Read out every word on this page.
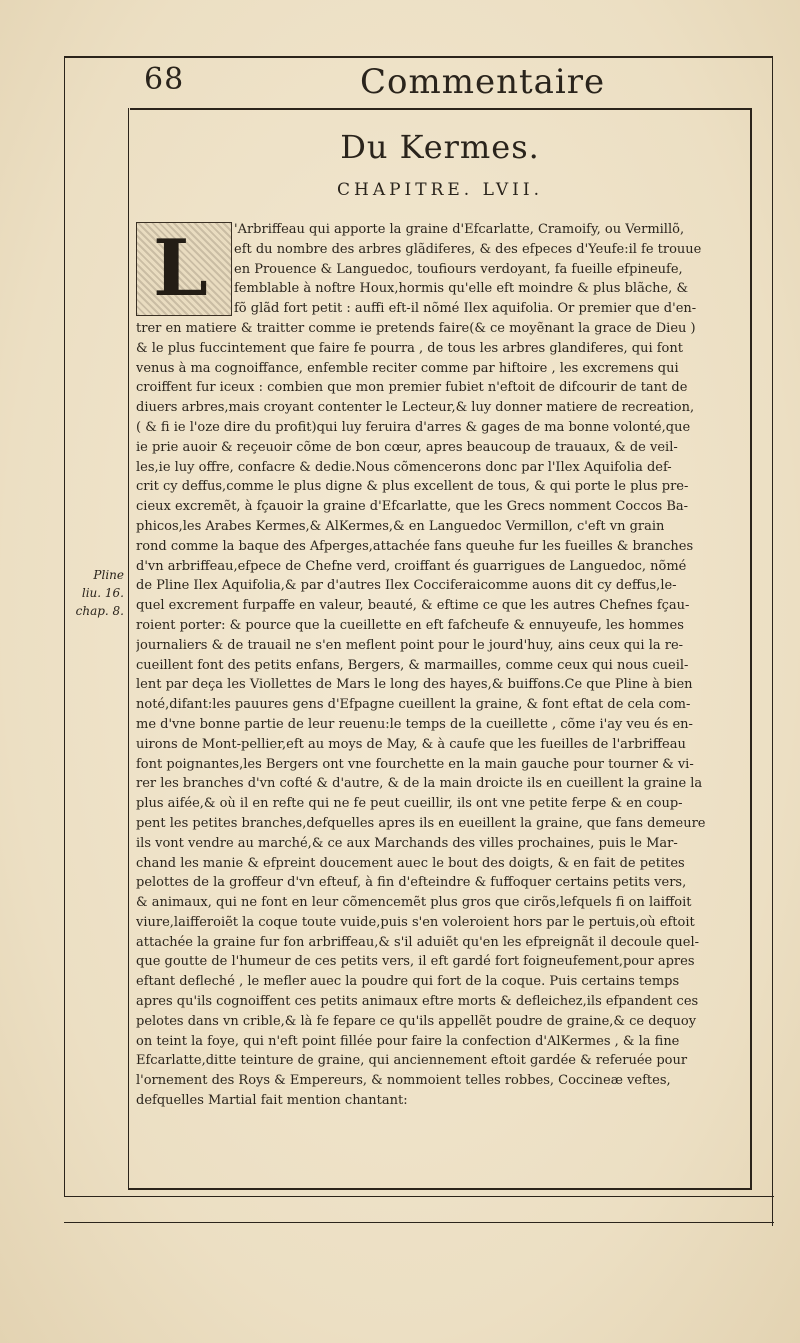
68	Commentaire
Du Kermes.
CHAPITRE. LVII.
L
Pline
liu. 16.
chap. 8.
'Arbriffeau qui apporte la graine d'Efcarlatte, Cramoify, ou Vermillõ,
eft du nombre des arbres glãdiferes, & des efpeces d'Yeufe:il fe trouue
en Prouence & Languedoc, toufiours verdoyant, fa fueille efpineufe,
femblable à noftre Houx,hormis qu'elle eft moindre & plus blãche, &
fõ glãd fort petit : auffi eft-il nõmé Ilex aquifolia. Or premier que d'en-
trer en matiere & traitter comme ie pretends faire(& ce moyẽnant la grace de Dieu )
& le plus fuccintement que faire fe pourra , de tous les arbres glandiferes, qui font
venus à ma cognoiffance, enfemble reciter comme par hiftoire , les excremens qui
croiffent fur iceux : combien que mon premier fubiet n'eftoit de difcourir de tant de
diuers arbres,mais croyant contenter le Lecteur,& luy donner matiere de recreation,
( & fi ie l'oze dire du profit)qui luy feruira d'arres & gages de ma bonne volonté,que
ie prie auoir & reçeuoir cõme de bon cœur, apres beaucoup de trauaux, & de veil-
les,ie luy offre, confacre & dedie.Nous cõmencerons donc par l'Ilex Aquifolia def-
crit cy deffus,comme le plus digne & plus excellent de tous, & qui porte le plus pre-
cieux excremẽt, à fçauoir la graine d'Efcarlatte, que les Grecs nomment Coccos Ba-
phicos,les Arabes Kermes,& AlKermes,& en Languedoc Vermillon, c'eft vn grain
rond comme la baque des Afperges,attachée fans queuhe fur les fueilles & branches
d'vn arbriffeau,efpece de Chefne verd, croiffant és guarrigues de Languedoc, nõmé
de Pline Ilex Aquifolia,& par d'autres Ilex Cocciferaicomme auons dit cy deffus,le-
quel excrement furpaffe en valeur, beauté, & eftime ce que les autres Chefnes fçau-
roient porter: & pource que la cueillette en eft fafcheufe & ennuyeufe, les hommes
journaliers & de trauail ne s'en meflent point pour le jourd'huy, ains ceux qui la re-
cueillent font des petits enfans, Bergers, & marmailles, comme ceux qui nous cueil-
lent par deça les Viollettes de Mars le long des hayes,& buiffons.Ce que Pline à bien
noté,difant:les pauures gens d'Efpagne cueillent la graine, & font eftat de cela com-
me d'vne bonne partie de leur reuenu:le temps de la cueillette , cõme i'ay veu és en-
uirons de Mont-pellier,eft au moys de May, & à caufe que les fueilles de l'arbriffeau
font poignantes,les Bergers ont vne fourchette en la main gauche pour tourner & vi-
rer les branches d'vn cofté & d'autre, & de la main droicte ils en cueillent la graine la
plus aifée,& où il en refte qui ne fe peut cueillir, ils ont vne petite ferpe & en coup-
pent les petites branches,defquelles apres ils en eueillent la graine, que fans demeure
ils vont vendre au marché,& ce aux Marchands des villes prochaines, puis le Mar-
chand les manie & efpreint doucement auec le bout des doigts, & en fait de petites
pelottes de la groffeur d'vn efteuf, à fin d'efteindre & fuffoquer certains petits vers,
& animaux, qui ne font en leur cõmencemẽt plus gros que cirõs,lefquels fi on laiffoit
viure,laifferoiẽt la coque toute vuide,puis s'en voleroient hors par le pertuis,où eftoit
attachée la graine fur fon arbriffeau,& s'il aduiẽt qu'en les efpreignãt il decoule quel-
que goutte de l'humeur de ces petits vers, il eft gardé fort foigneufement,pour apres
eftant defleché , le mefler auec la poudre qui fort de la coque. Puis certains temps
apres qu'ils cognoiffent ces petits animaux eftre morts & defleichez,ils efpandent ces
pelotes dans vn crible,& là fe fepare ce qu'ils appellẽt poudre de graine,& ce dequoy
on teint la foye, qui n'eft point fillée pour faire la confection d'AlKermes , & la fine
Efcarlatte,ditte teinture de graine, qui anciennement eftoit gardée & referuée pour
l'ornement des Roys & Empereurs, & nommoient telles robbes, Coccineæ veftes,
defquelles Martial fait mention chantant:
